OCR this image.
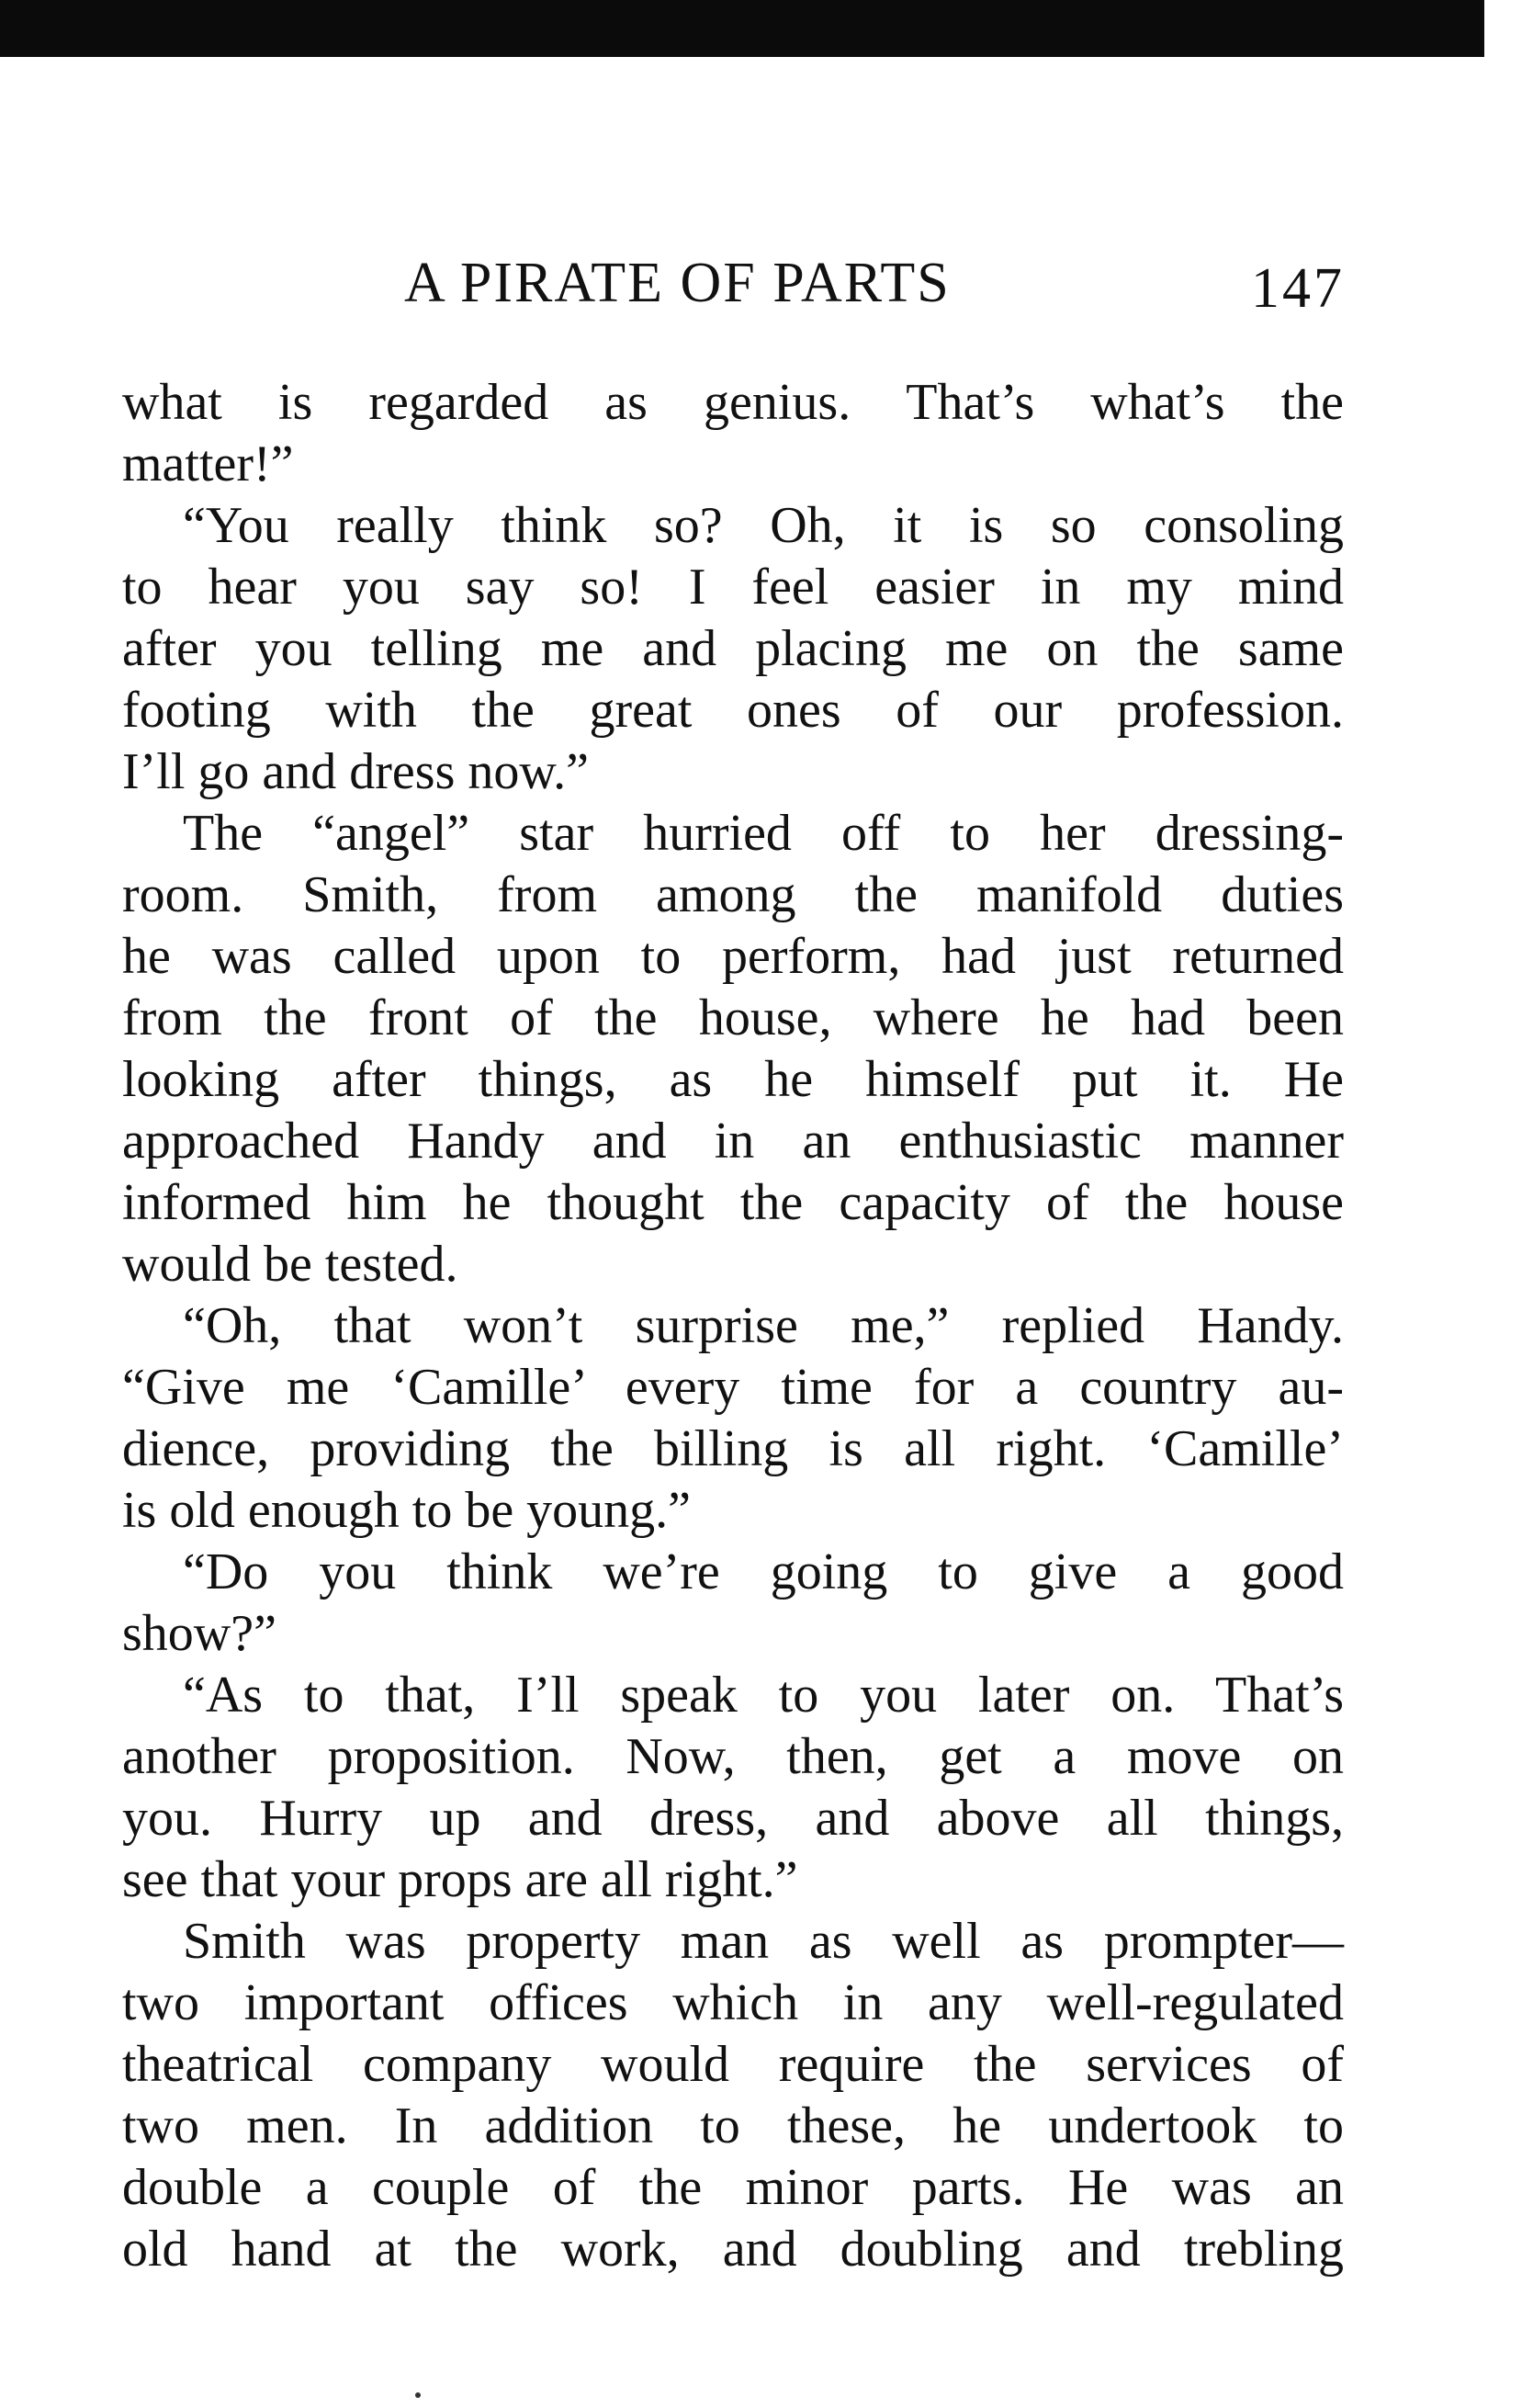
A PIRATE OF PARTS	147
what is regarded as genius. That’s what’s the
matter!”
“You really think so? Oh, it is so consoling
to hear you say so! I feel easier in my mind
after you telling me and placing me on the same
footing with the great ones of our profession.
I’ll go and dress now.”
The “angel” star hurried off to her dressing-
room. Smith, from among the manifold duties
he was called upon to perform, had just returned
from the front of the house, where he had been
looking after things, as he himself put it. He
approached Handy and in an enthusiastic manner
informed him he thought the capacity of the house
would be tested.
“Oh, that won’t surprise me,” replied Handy.
“Give me ‘Camille’ every time for a country au-
dience, providing the billing is all right. ‘Camille’
is old enough to be young.”
“Do you think we’re going to give a good
show?”
“As to that, I’ll speak to you later on. That’s
another proposition. Now, then, get a move on
you. Hurry up and dress, and above all things,
see that your props are all right.”
Smith was property man as well as prompter—
two important offices which in any well-regulated
theatrical company would require the services of
two men. In addition to these, he undertook to
double a couple of the minor parts. He was an
old hand at the work, and doubling and trebling
